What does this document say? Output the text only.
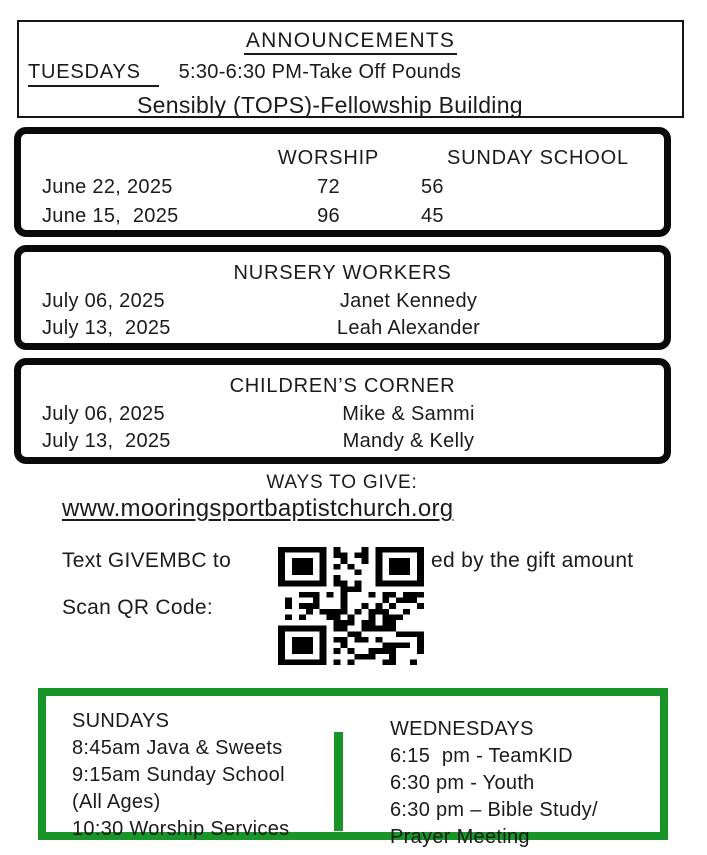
ANNOUNCEMENTS
TUESDAYS 5:30-6:30 PM-Take Off Pounds
Sensibly (TOPS)-Fellowship Building
WORSHIP	SUNDAY SCHOOL
June 22, 2025	72	56
June 15,  2025	96	45
NURSERY WORKERS
July 06, 2025	Janet Kennedy
July 13,  2025	Leah Alexander
CHILDREN’S CORNER
July 06, 2025	Mike & Sammi
July 13,  2025	Mandy & Kelly
WAYS TO GIVE:
www.mooringsportbaptistchurch.org
Text GIVEMBC to	ed by the gift amount
Scan QR Code:
SUNDAYS
8:45am Java & Sweets
9:15am Sunday School
(All Ages)
10:30 Worship Services
WEDNESDAYS
6:15  pm - TeamKID
6:30 pm - Youth
6:30 pm – Bible Study/
Prayer Meeting
